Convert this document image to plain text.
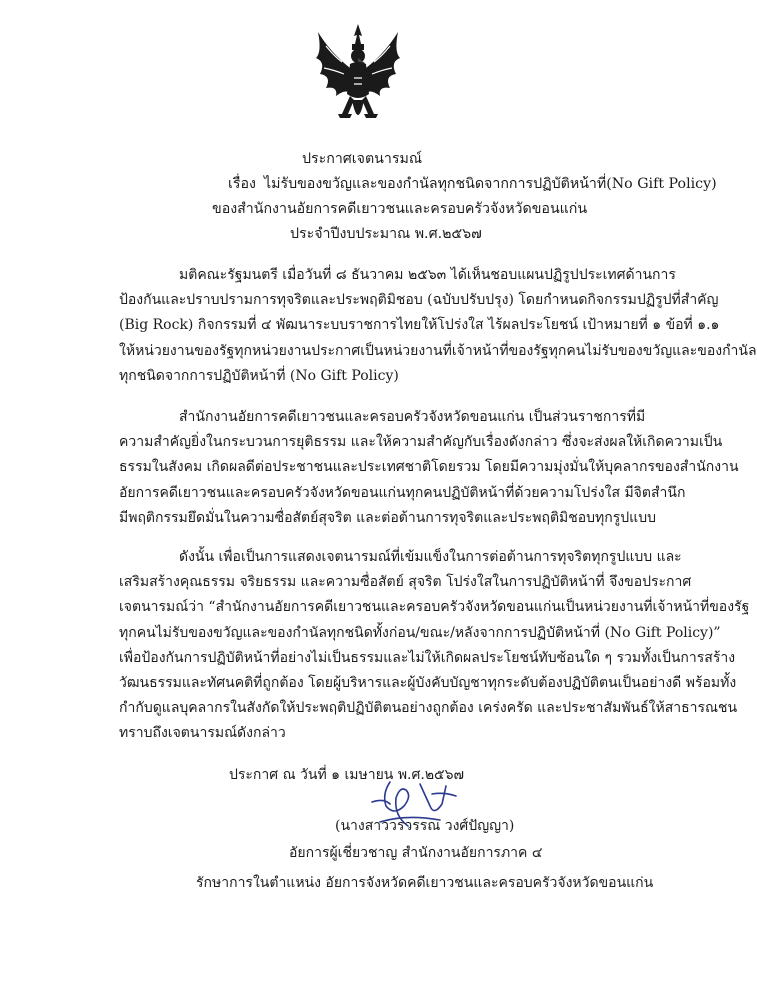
ประกาศเจตนารมณ์
เรื่อง ไม่รับของขวัญและของกำนัลทุกชนิดจากการปฏิบัติหน้าที่(No Gift Policy)
ของสำนักงานอัยการคดีเยาวชนและครอบครัวจังหวัดขอนแก่น
ประจำปีงบประมาณ พ.ศ.๒๕๖๗
มติคณะรัฐมนตรี เมื่อวันที่ ๘ ธันวาคม ๒๕๖๓ ได้เห็นชอบแผนปฏิรูปประเทศด้านการ
ป้องกันและปราบปรามการทุจริตและประพฤติมิชอบ (ฉบับปรับปรุง) โดยกำหนดกิจกรรมปฏิรูปที่สำคัญ
(Big Rock) กิจกรรมที่ ๔ พัฒนาระบบราชการไทยให้โปร่งใส ไร้ผลประโยชน์ เป้าหมายที่ ๑ ข้อที่ ๑.๑
ให้หน่วยงานของรัฐทุกหน่วยงานประกาศเป็นหน่วยงานที่เจ้าหน้าที่ของรัฐทุกคนไม่รับของขวัญและของกำนัล
ทุกชนิดจากการปฏิบัติหน้าที่ (No Gift Policy)
สำนักงานอัยการคดีเยาวชนและครอบครัวจังหวัดขอนแก่น เป็นส่วนราชการที่มี
ความสำคัญยิ่งในกระบวนการยุติธรรม และให้ความสำคัญกับเรื่องดังกล่าว ซึ่งจะส่งผลให้เกิดความเป็น
ธรรมในสังคม เกิดผลดีต่อประชาชนและประเทศชาติโดยรวม โดยมีความมุ่งมั่นให้บุคลากรของสำนักงาน
อัยการคดีเยาวชนและครอบครัวจังหวัดขอนแก่นทุกคนปฏิบัติหน้าที่ด้วยความโปร่งใส มีจิตสำนึก
มีพฤติกรรมยึดมั่นในความซื่อสัตย์สุจริต และต่อต้านการทุจริตและประพฤติมิชอบทุกรูปแบบ
ดังนั้น เพื่อเป็นการแสดงเจตนารมณ์ที่เข้มแข็งในการต่อต้านการทุจริตทุกรูปแบบ และ
เสริมสร้างคุณธรรม จริยธรรม และความซื่อสัตย์ สุจริต โปร่งใสในการปฏิบัติหน้าที่ จึงขอประกาศ
เจตนารมณ์ว่า “สำนักงานอัยการคดีเยาวชนและครอบครัวจังหวัดขอนแก่นเป็นหน่วยงานที่เจ้าหน้าที่ของรัฐ
ทุกคนไม่รับของขวัญและของกำนัลทุกชนิดทั้งก่อน/ขณะ/หลังจากการปฏิบัติหน้าที่ (No Gift Policy)”
เพื่อป้องกันการปฏิบัติหน้าที่อย่างไม่เป็นธรรมและไม่ให้เกิดผลประโยชน์ทับซ้อนใด ๆ รวมทั้งเป็นการสร้าง
วัฒนธรรมและทัศนคติที่ถูกต้อง โดยผู้บริหารและผู้บังคับบัญชาทุกระดับต้องปฏิบัติตนเป็นอย่างดี พร้อมทั้ง
กำกับดูแลบุคลากรในสังกัดให้ประพฤติปฏิบัติตนอย่างถูกต้อง เคร่งครัด และประชาสัมพันธ์ให้สาธารณชน
ทราบถึงเจตนารมณ์ดังกล่าว
ประกาศ ณ วันที่ ๑ เมษายน พ.ศ.๒๕๖๗
(นางสาววรวรรณ วงศ์ปัญญา)
อัยการผู้เชี่ยวชาญ สำนักงานอัยการภาค ๔
รักษาการในตำแหน่ง อัยการจังหวัดคดีเยาวชนและครอบครัวจังหวัดขอนแก่น
